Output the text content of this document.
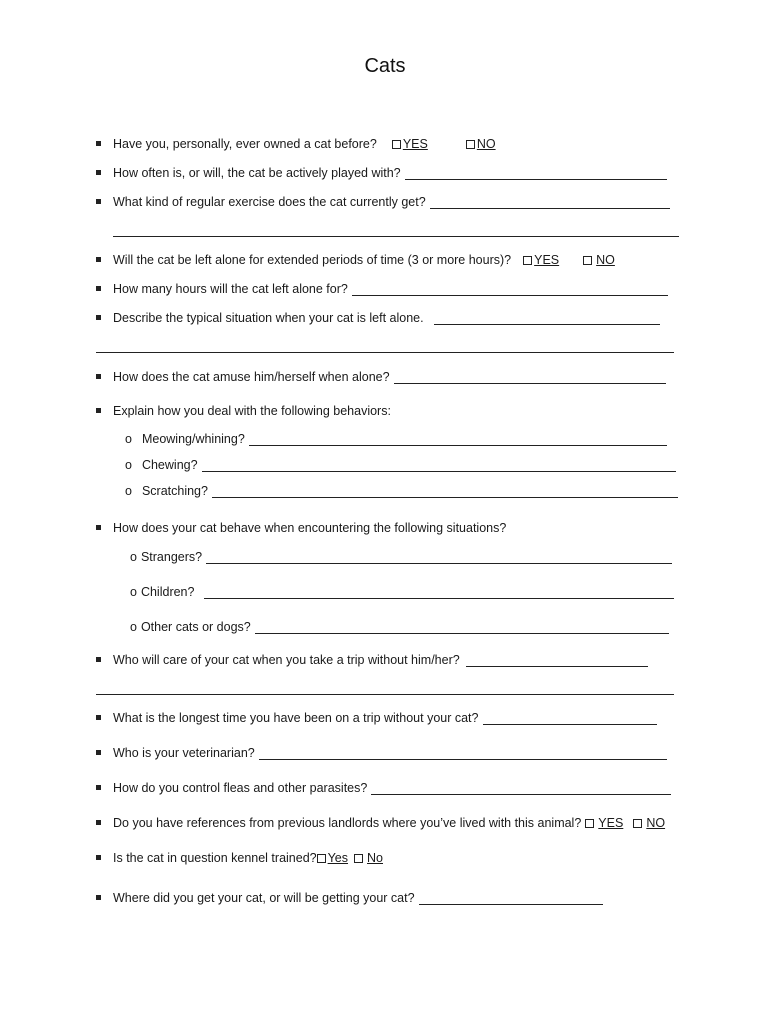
Cats
Have you, personally, ever owned a cat before? YES	NO
How often is, or will, the cat be actively played with?
What kind of regular exercise does the cat currently get?
Will the cat be left alone for extended periods of time (3 or more hours)? YES	NO
How many hours will the cat left alone for?
Describe the typical situation when your cat is left alone.
How does the cat amuse him/herself when alone?
Explain how you deal with the following behaviors:
o Meowing/whining?
o Chewing?
o Scratching?
How does your cat behave when encountering the following situations?
o Strangers?
o Children?
o Other cats or dogs?
Who will care of your cat when you take a trip without him/her?
What is the longest time you have been on a trip without your cat?
Who is your veterinarian?
How do you control fleas and other parasites?
Do you have references from previous landlords where you’ve lived with this animal? YES NO
Is the cat in question kennel trained? Yes No
Where did you get your cat, or will be getting your cat?
